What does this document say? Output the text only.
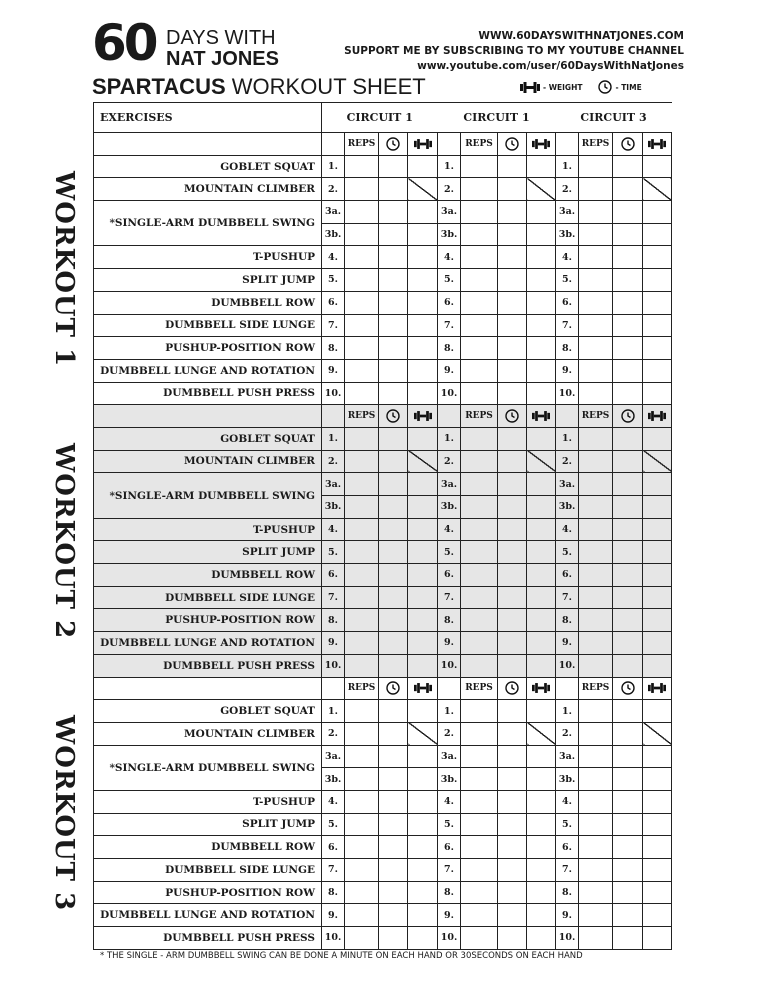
60 DAYS WITH
NAT JONES
WWW.60DAYSWITHNATJONES.COM
SUPPORT ME BY SUBSCRIBING TO MY YOUTUBE CHANNEL
www.youtube.com/user/60DaysWithNatJones
SPARTACUS WORKOUT SHEET	- WEIGHT	- TIME
EXERCISES	CIRCUIT 1				CIRCUIT 1				CIRCUIT 3			
		REPS				REPS				REPS	

GOBLET SQUAT	1.				1.				1.			
MOUNTAIN CLIMBER	2.				2.				2.			
*SINGLE-ARM DUMBBELL SWING	3a.				3a.				3a.			
	3b.				3b.				3b.			
T-PUSHUP	4.				4.				4.			
SPLIT JUMP	5.				5.				5.			
DUMBBELL ROW	6.				6.				6.			
DUMBBELL SIDE LUNGE	7.				7.				7.			
PUSHUP-POSITION ROW	8.				8.				8.			
DUMBBELL LUNGE AND ROTATION	9.				9.				9.			
DUMBBELL PUSH PRESS	10.				10.				10.			
		REPS				REPS				REPS	

GOBLET SQUAT	1.				1.				1.			
MOUNTAIN CLIMBER	2.				2.				2.			
*SINGLE-ARM DUMBBELL SWING	3a.				3a.				3a.			
	3b.				3b.				3b.			
T-PUSHUP	4.				4.				4.			
SPLIT JUMP	5.				5.				5.			
DUMBBELL ROW	6.				6.				6.			
DUMBBELL SIDE LUNGE	7.				7.				7.			
PUSHUP-POSITION ROW	8.				8.				8.			
DUMBBELL LUNGE AND ROTATION	9.				9.				9.			
DUMBBELL PUSH PRESS	10.				10.				10.			
		REPS				REPS				REPS	

GOBLET SQUAT	1.				1.				1.			
MOUNTAIN CLIMBER	2.				2.				2.			
*SINGLE-ARM DUMBBELL SWING	3a.				3a.				3a.			
	3b.				3b.				3b.			
T-PUSHUP	4.				4.				4.			
SPLIT JUMP	5.				5.				5.			
DUMBBELL ROW	6.				6.				6.			
DUMBBELL SIDE LUNGE	7.				7.				7.			
PUSHUP-POSITION ROW	8.				8.				8.			
DUMBBELL LUNGE AND ROTATION	9.				9.				9.			
DUMBBELL PUSH PRESS	10.				10.				10.			
WORKOUT 1
WORKOUT 2
WORKOUT 3
* THE SINGLE - ARM DUMBBELL SWING CAN BE DONE A MINUTE ON EACH HAND OR 30SECONDS ON EACH HAND
